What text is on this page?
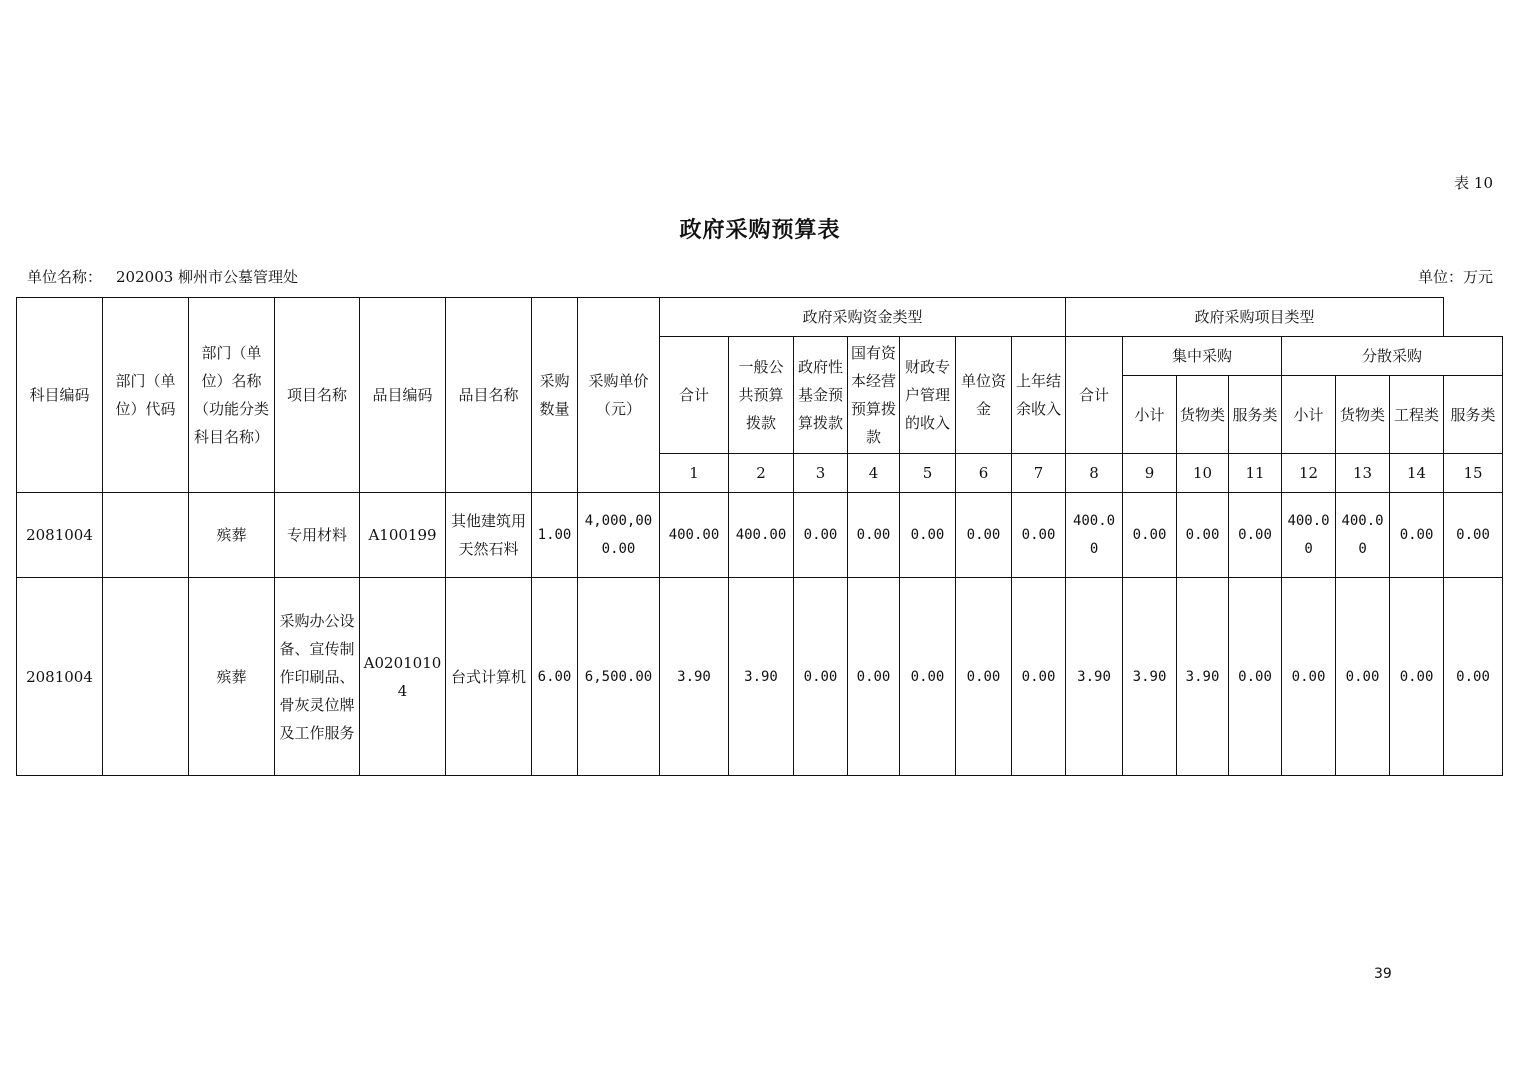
表 10
政府采购预算表
单位名称： 202003 柳州市公墓管理处	单位：万元
科目编码	部门（单位）代码	部门（单位）名称（功能分类科目名称）	项目名称	品目编码	品目名称	采购数量	采购单价（元）	政府采购资金类型							政府采购项目类型							
								合计	一般公共预算拨款	政府性基金预算拨款	国有资本经营预算拨款	财政专户管理的收入	单位资金	上年结余收入	合计	集中采购			分散采购			
																小计	货物类	服务类	小计	货物类	工程类	服务类
								1	2	3	4	5	6	7	8	9	10	11	12	13	14	15
2081004		殡葬	专用材料	A100199	其他建筑用天然石料	1.00	4,000,000.00	400.00	400.00	0.00	0.00	0.00	0.00	0.00	400.00	0.00	0.00	0.00	400.00	400.00	0.00	0.00
2081004		殡葬	采购办公设备、宣传制作印刷品、骨灰灵位牌及工作服务	A02010104	台式计算机	6.00	6,500.00	3.90	3.90	0.00	0.00	0.00	0.00	0.00	3.90	3.90	3.90	0.00	0.00	0.00	0.00	0.00
39
